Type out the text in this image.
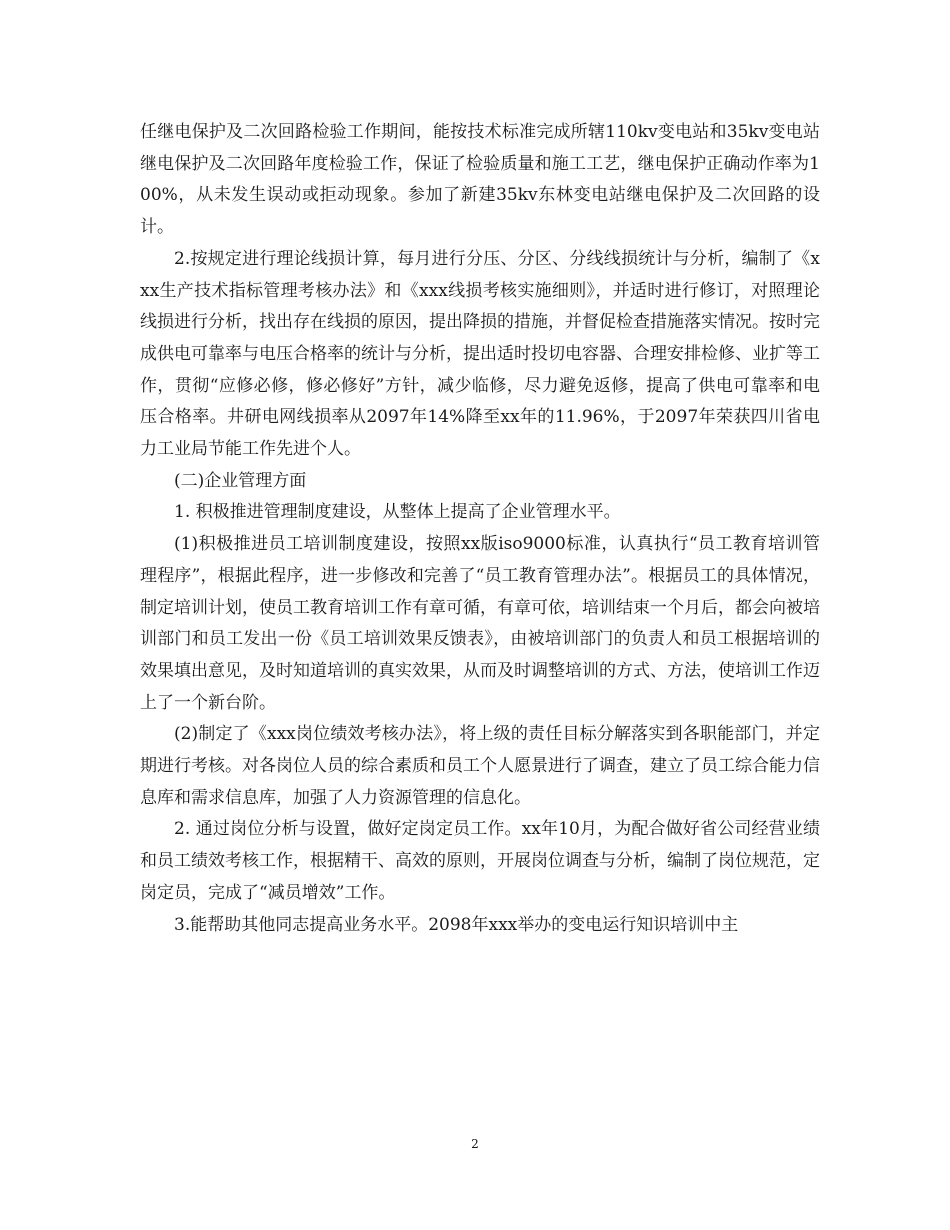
任继电保护及二次回路检验工作期间，能按技术标准完成所辖110kv变电站和35kv变电站继电保护及二次回路年度检验工作，保证了检验质量和施工工艺，继电保护正确动作率为100%，从未发生误动或拒动现象。参加了新建35kv东林变电站继电保护及二次回路的设计。

2.按规定进行理论线损计算，每月进行分压、分区、分线线损统计与分析，编制了《xxx生产技术指标管理考核办法》和《xxx线损考核实施细则》，并适时进行修订，对照理论线损进行分析，找出存在线损的原因，提出降损的措施，并督促检查措施落实情况。按时完成供电可靠率与电压合格率的统计与分析，提出适时投切电容器、合理安排检修、业扩等工作，贯彻“应修必修，修必修好”方针，减少临修，尽力避免返修，提高了供电可靠率和电压合格率。井研电网线损率从2097年14%降至xx年的11.96%，于2097年荣获四川省电力工业局节能工作先进个人。

(二)企业管理方面

1. 积极推进管理制度建设，从整体上提高了企业管理水平。

(1)积极推进员工培训制度建设，按照xx版iso9000标准，认真执行“员工教育培训管理程序”，根据此程序，进一步修改和完善了“员工教育管理办法”。根据员工的具体情况，制定培训计划，使员工教育培训工作有章可循，有章可依，培训结束一个月后，都会向被培训部门和员工发出一份《员工培训效果反馈表》，由被培训部门的负责人和员工根据培训的效果填出意见，及时知道培训的真实效果，从而及时调整培训的方式、方法，使培训工作迈上了一个新台阶。

(2)制定了《xxx岗位绩效考核办法》，将上级的责任目标分解落实到各职能部门，并定期进行考核。对各岗位人员的综合素质和员工个人愿景进行了调查，建立了员工综合能力信息库和需求信息库，加强了人力资源管理的信息化。

2. 通过岗位分析与设置，做好定岗定员工作。xx年10月，为配合做好省公司经营业绩和员工绩效考核工作，根据精干、高效的原则，开展岗位调查与分析，编制了岗位规范，定岗定员，完成了“减员增效”工作。

3.能帮助其他同志提高业务水平。2098年xxx举办的变电运行知识培训中主

2
